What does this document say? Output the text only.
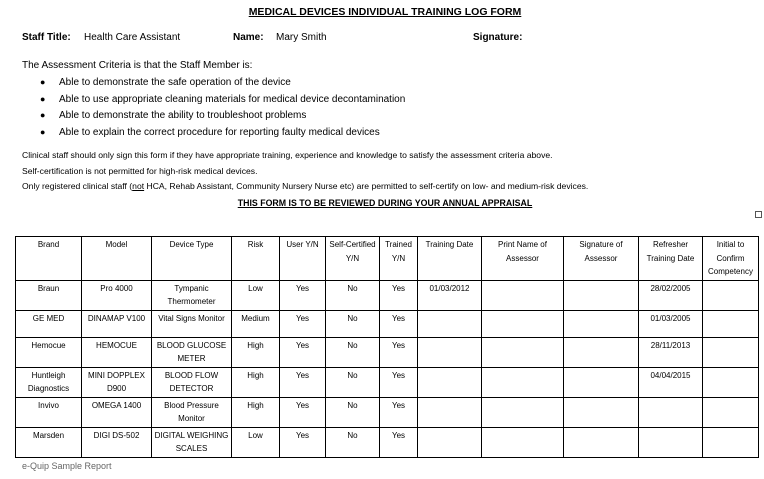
MEDICAL DEVICES INDIVIDUAL TRAINING LOG FORM
Staff Title: Health Care Assistant	Name: Mary Smith	Signature:
The Assessment Criteria is that the Staff Member is:
● Able to demonstrate the safe operation of the device
● Able to use appropriate cleaning materials for medical device decontamination
● Able to demonstrate the ability to troubleshoot problems
● Able to explain the correct procedure for reporting faulty medical devices
Clinical staff should only sign this form if they have appropriate training, experience and knowledge to satisfy the assessment criteria above.
Self-certification is not permitted for high-risk medical devices.
Only registered clinical staff (not HCA, Rehab Assistant, Community Nursery Nurse etc) are permitted to self-certify on low- and medium-risk devices.
THIS FORM IS TO BE REVIEWED DURING YOUR ANNUAL APPRAISAL
Brand	Model	Device Type	Risk	User Y/N	Self-Certified Y/N	Trained Y/N	Training Date	Print Name of Assessor	Signature of Assessor	Refresher Training Date	Initial to Confirm Competency
Braun	Pro 4000	Tympanic Thermometer	Low	Yes	No	Yes	01/03/2012			28/02/2005	
GE MED	DINAMAP V100	Vital Signs Monitor	Medium	Yes	No	Yes				01/03/2005	
Hemocue	HEMOCUE	BLOOD GLUCOSE METER	High	Yes	No	Yes				28/11/2013	
Huntleigh Diagnostics	MINI DOPPLEX D900	BLOOD FLOW DETECTOR	High	Yes	No	Yes				04/04/2015	
Invivo	OMEGA 1400	Blood Pressure Monitor	High	Yes	No	Yes					
Marsden	DIGI DS-502	DIGITAL WEIGHING SCALES	Low	Yes	No	Yes					
e-Quip Sample Report
